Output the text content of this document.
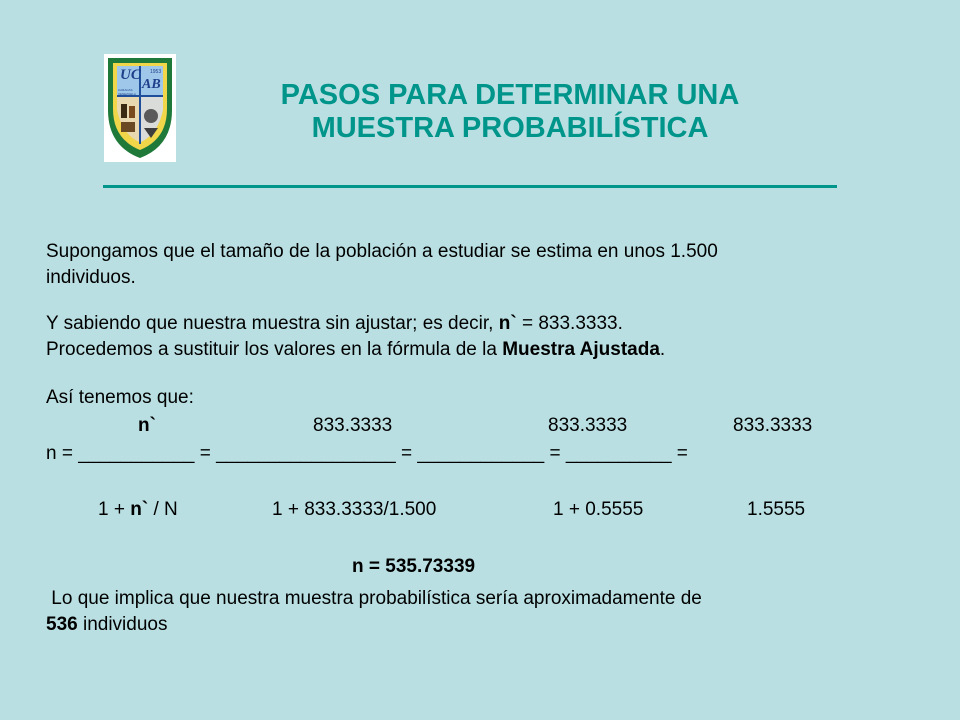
UC
AB
1953
CARACAS VENEZUELA	PASOS PARA DETERMINAR UNA
MUESTRA PROBABILÍSTICA
Supongamos que el tamaño de la población a estudiar se estima en unos 1.500
individuos.
Y sabiendo que nuestra muestra sin ajustar; es decir, n` = 833.3333.
Procedemos a sustituir los valores en la fórmula de la Muestra Ajustada.
Así tenemos que:
n`	833.3333	833.3333	833.3333
n = ___________ = _________________ = ____________ = __________ =
1 + n` / N	1 + 833.3333/1.500	1 + 0.5555	1.5555
n = 535.73339
Lo que implica que nuestra muestra probabilística sería aproximadamente de
536 individuos
